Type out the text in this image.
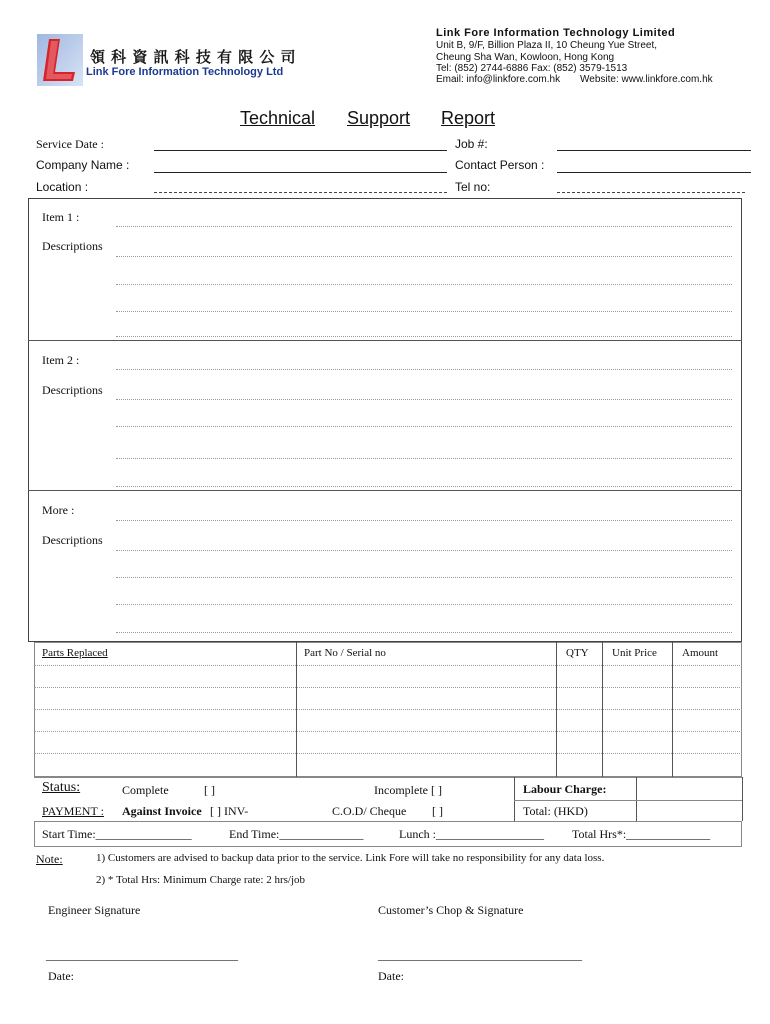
領 科 資 訊 科 技 有 限 公 司
Link Fore Information Technology Ltd
Link Fore Information Technology Limited
Unit B, 9/F, Billion Plaza II, 10 Cheung Yue Street,
Cheung Sha Wan, Kowloon, Hong Kong
Tel: (852) 2744-6886 Fax: (852) 3579-1513
Email: info@linkfore.com.hk Website: www.linkfore.com.hk
Technical Support Report
Service Date :	Job #:
Company Name :	Contact Person :
Location :	Tel no:
Item 1 :
Descriptions
Item 2 :
Descriptions
More :
Descriptions
Parts Replaced	Part No / Serial no	QTY Unit Price Amount
Status:	Complete	[ ]	Incomplete [ ]	Labour Charge:
PAYMENT : Against Invoice [ ] INV-	C.O.D/ Cheque [ ]	Total: (HKD)
Start Time:________________	End Time:______________	Lunch :__________________ Total Hrs*:______________
Note:	1) Customers are advised to backup data prior to the service. Link Fore will take no responsibility for any data loss.
2) * Total Hrs: Minimum Charge rate: 2 hrs/job
Engineer Signature	Customer’s Chop & Signature
________________________________	__________________________________
Date:	Date:
